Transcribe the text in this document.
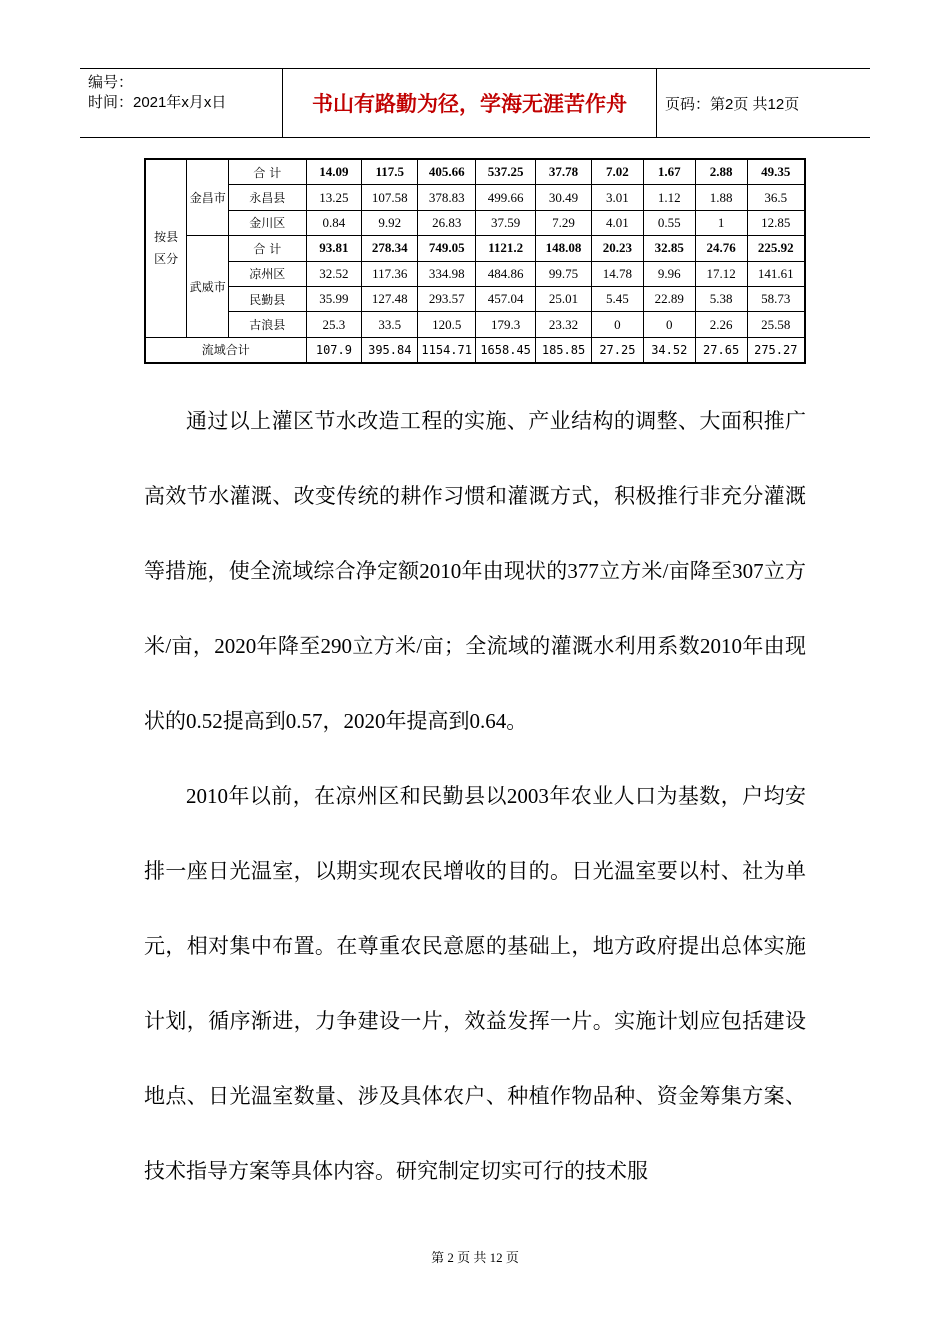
编号：
时间：2021年x月x日	书山有路勤为径，学海无涯苦作舟	页码：第2页 共12页
按县区分	金昌市	合 计	14.09	117.5	405.66	537.25	37.78	7.02	1.67	2.88	49.35
		永昌县	13.25	107.58	378.83	499.66	30.49	3.01	1.12	1.88	36.5
		金川区	0.84	9.92	26.83	37.59	7.29	4.01	0.55	1	12.85
	武威市	合 计	93.81	278.34	749.05	1121.2	148.08	20.23	32.85	24.76	225.92
		凉州区	32.52	117.36	334.98	484.86	99.75	14.78	9.96	17.12	141.61
		民勤县	35.99	127.48	293.57	457.04	25.01	5.45	22.89	5.38	58.73
		古浪县	25.3	33.5	120.5	179.3	23.32	0	0	2.26	25.58
流域合计			107.9	395.84	1154.71	1658.45	185.85	27.25	34.52	27.65	275.27

通过以上灌区节水改造工程的实施、产业结构的调整、大面积推广高效节水灌溉、改变传统的耕作习惯和灌溉方式，积极推行非充分灌溉等措施，使全流域综合净定额2010年由现状的377立方米/亩降至307立方米/亩，2020年降至290立方米/亩；全流域的灌溉水利用系数2010年由现状的0.52提高到0.57，2020年提高到0.64。

2010年以前，在凉州区和民勤县以2003年农业人口为基数，户均安排一座日光温室，以期实现农民增收的目的。日光温室要以村、社为单元，相对集中布置。在尊重农民意愿的基础上，地方政府提出总体实施计划，循序渐进，力争建设一片，效益发挥一片。实施计划应包括建设地点、日光温室数量、涉及具体农户、种植作物品种、资金筹集方案、技术指导方案等具体内容。研究制定切实可行的技术服

第 2 页 共 12 页
